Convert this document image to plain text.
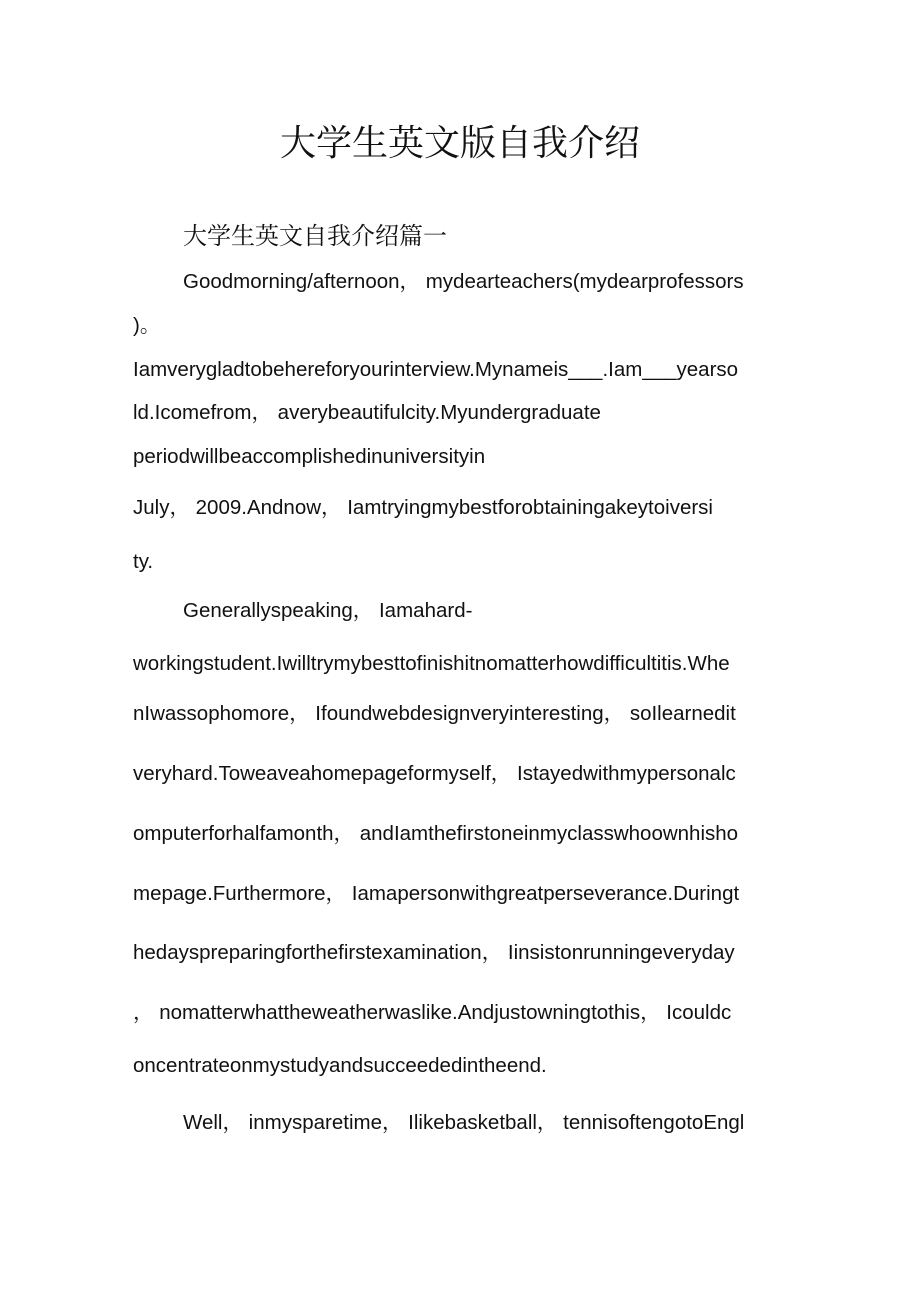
大学生英文版自我介绍
大学生英文自我介绍篇一
Goodmorning/afternoon， mydearteachers(mydearprofessors
)。
Iamverygladtobehereforyourinterview.Mynameis___.Iam___yearso
ld.Icomefrom， averybeautifulcity.Myundergraduate
periodwillbeaccomplishedinuniversityin
July， 2009.Andnow， Iamtryingmybestforobtainingakeytoiversi
ty.
Generallyspeaking， Iamahard-
workingstudent.Iwilltrymybesttofinishitnomatterhowdifficultitis.Whe
nIwassophomore， Ifoundwebdesignveryinteresting， soIlearnedit
veryhard.Toweaveahomepageformyself， Istayedwithmypersonalc
omputerforhalfamonth， andIamthefirstoneinmyclasswhoownhisho
mepage.Furthermore， Iamapersonwithgreatperseverance.Duringt
hedayspreparingforthefirstexamination， Iinsistonrunningeveryday
， nomatterwhattheweatherwaslike.Andjustowningtothis， Icouldc
oncentrateonmystudyandsucceededintheend.
Well， inmysparetime， Ilikebasketball， tennisoftengotoEngl
